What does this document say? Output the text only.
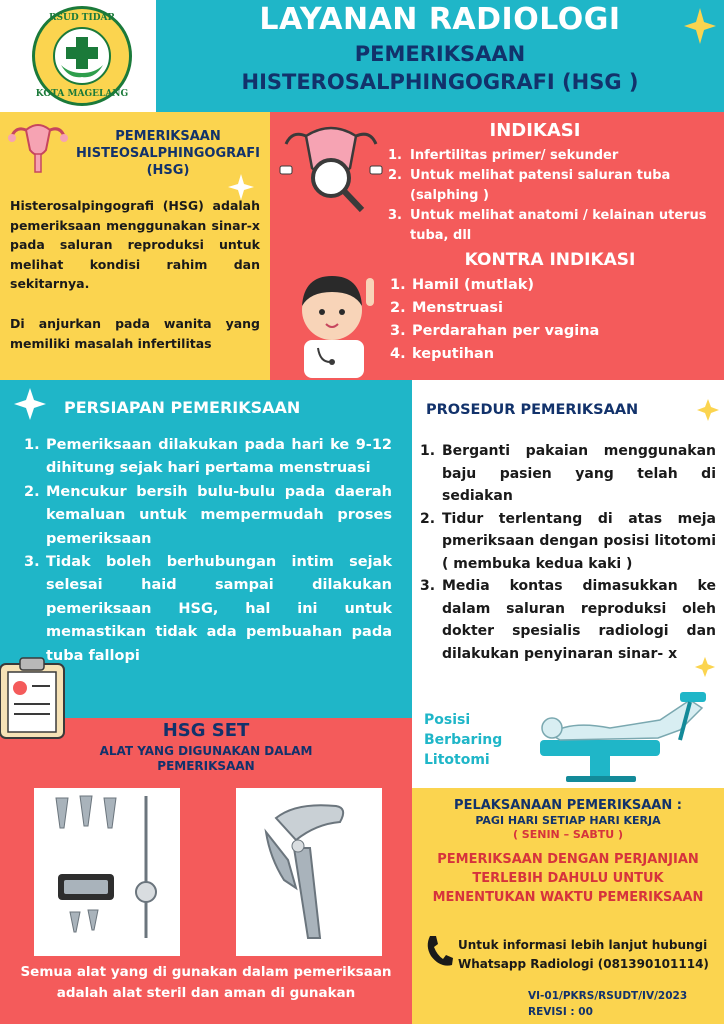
RSUD TIDAR
KOTA MAGELANG
LAYANAN RADIOLOGI
PEMERIKSAAN
HISTEROSALPHINGOGRAFI (HSG )
PEMERIKSAAN
HISTEOSALPHINGOGRAFI
(HSG)
Histerosalpingografi (HSG) adalah pemeriksaan menggunakan sinar-x pada saluran reproduksi untuk melihat kondisi rahim dan sekitarnya.
Di anjurkan pada wanita yang memiliki masalah infertilitas
INDIKASI
1. Infertilitas primer/ sekunder
2. Untuk melihat patensi saluran tuba (salphing )
3. Untuk melihat anatomi / kelainan uterus tuba, dll
KONTRA INDIKASI
1. Hamil (mutlak)
2. Menstruasi
3. Perdarahan per vagina
4. keputihan
PERSIAPAN PEMERIKSAAN
1. Pemeriksaan dilakukan pada hari ke 9-12 dihitung sejak hari pertama menstruasi
2. Mencukur bersih bulu-bulu pada daerah kemaluan untuk mempermudah proses pemeriksaan
3. Tidak boleh berhubungan intim sejak selesai haid sampai dilakukan pemeriksaan HSG, hal ini untuk memastikan tidak ada pembuahan pada tuba fallopi
PROSEDUR PEMERIKSAAN
1. Berganti pakaian menggunakan baju pasien yang telah di sediakan
2. Tidur terlentang di atas meja pmeriksaan dengan posisi litotomi ( membuka kedua kaki )
3. Media kontas dimasukkan ke dalam saluran reproduksi oleh dokter spesialis radiologi dan dilakukan penyinaran sinar- x
Posisi
Berbaring
Litotomi
HSG SET
ALAT YANG DIGUNAKAN DALAM PEMERIKSAAN
Semua alat yang di gunakan dalam pemeriksaan adalah alat steril dan aman di gunakan
PELAKSANAAN PEMERIKSAAN :
PAGI HARI SETIAP HARI KERJA
( SENIN – SABTU )
PEMERIKSAAN DENGAN PERJANJIAN TERLEBIH DAHULU UNTUK MENENTUKAN WAKTU PEMERIKSAAN
Untuk informasi lebih lanjut hubungi
Whatsapp Radiologi (081390101114)
VI-01/PKRS/RSUDT/IV/2023
REVISI : 00
